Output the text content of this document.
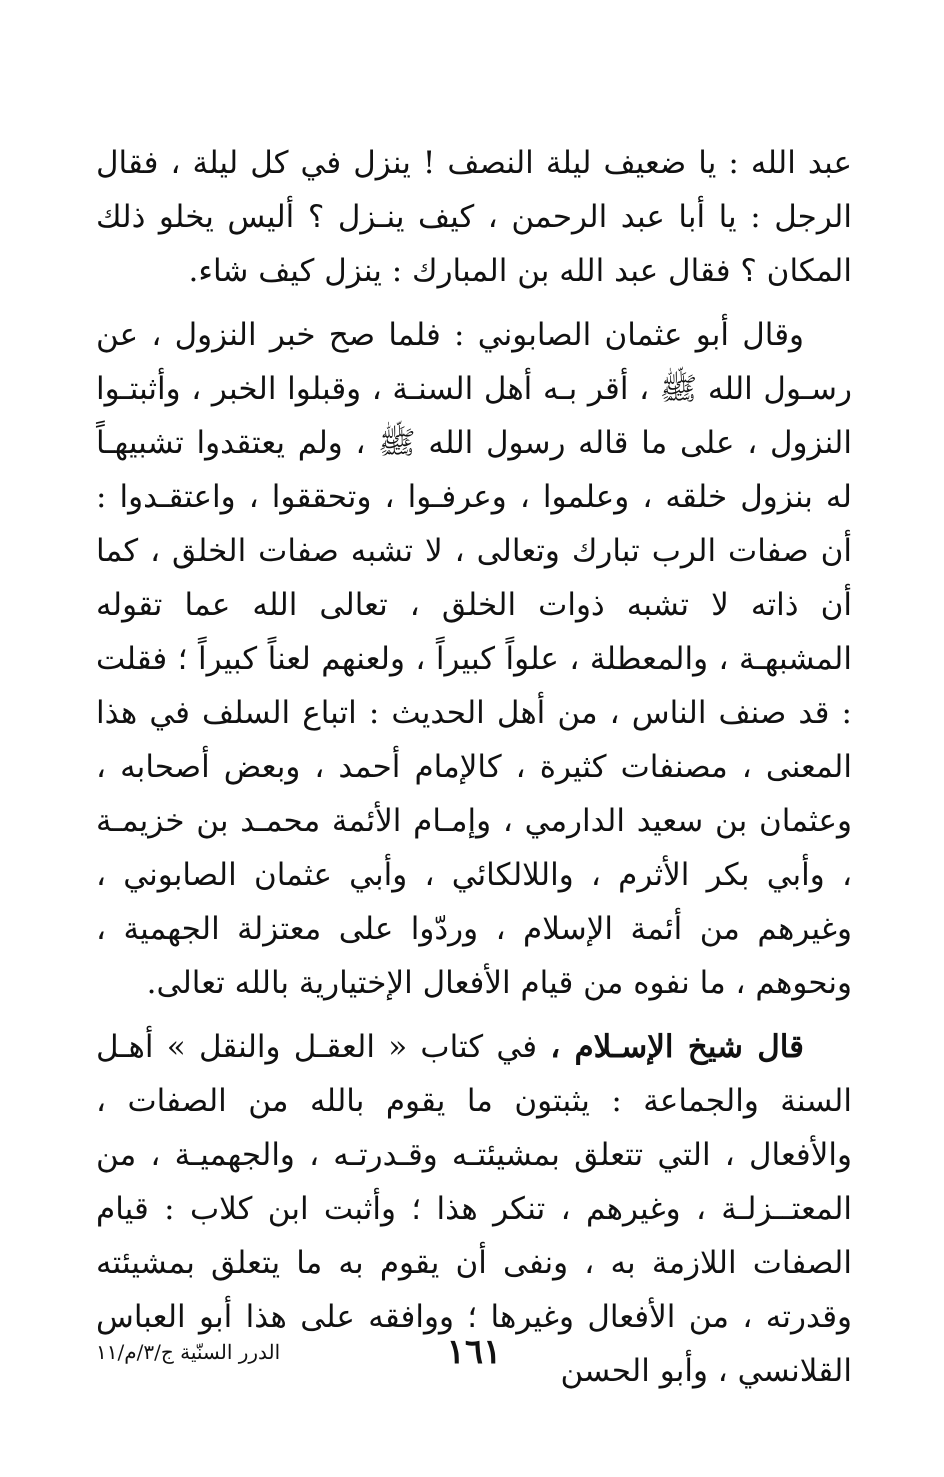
عبد الله : يا ضعيف ليلة النصف ! ينزل في كل ليلة ، فقال الرجل : يا أبا عبد الرحمن ، كيف ينـزل ؟ أليس يخلو ذلك المكان ؟ فقال عبد الله بن المبارك : ينزل كيف شاء.

وقال أبو عثمان الصابوني : فلما صح خبر النزول ، عن رسـول الله ﷺ ، أقر بـه أهل السنـة ، وقبلوا الخبر ، وأثبتـوا النزول ، على ما قاله رسول الله ﷺ ، ولم يعتقدوا تشبيهـاً له بنزول خلقه ، وعلموا ، وعرفـوا ، وتحققوا ، واعتقـدوا : أن صفات الرب تبارك وتعالى ، لا تشبه صفات الخلق ، كما أن ذاته لا تشبه ذوات الخلق ، تعالى الله عما تقوله المشبهـة ، والمعطلة ، علواً كبيراً ، ولعنهم لعناً كبيراً ؛ فقلت : قد صنف الناس ، من أهل الحديث : اتباع السلف في هذا المعنى ، مصنفات كثيرة ، كالإمام أحمد ، وبعض أصحابه ، وعثمان بن سعيد الدارمي ، وإمـام الأئمة محمـد بن خزيمـة ، وأبي بكر الأثرم ، واللالكائي ، وأبي عثمان الصابوني ، وغيرهم من أئمة الإسلام ، وردّوا على معتزلة الجهمية ، ونحوهم ، ما نفوه من قيام الأفعال الإختيارية بالله تعالى.

قال شيخ الإسـلام ، في كتاب « العقـل والنقل » أهـل السنة والجماعة : يثبتون ما يقوم بالله من الصفات ، والأفعال ، التي تتعلق بمشيئتـه وقـدرتـه ، والجهميـة ، من المعتــزلـة ، وغيرهم ، تنكر هذا ؛ وأثبت ابن كلاب : قيام الصفات اللازمة به ، ونفى أن يقوم به ما يتعلق بمشيئته وقدرته ، من الأفعال وغيرها ؛ ووافقه على هذا أبو العباس القلانسي ، وأبو الحسن

١٦١
الدرر السنّية ج/٣/م/١١
